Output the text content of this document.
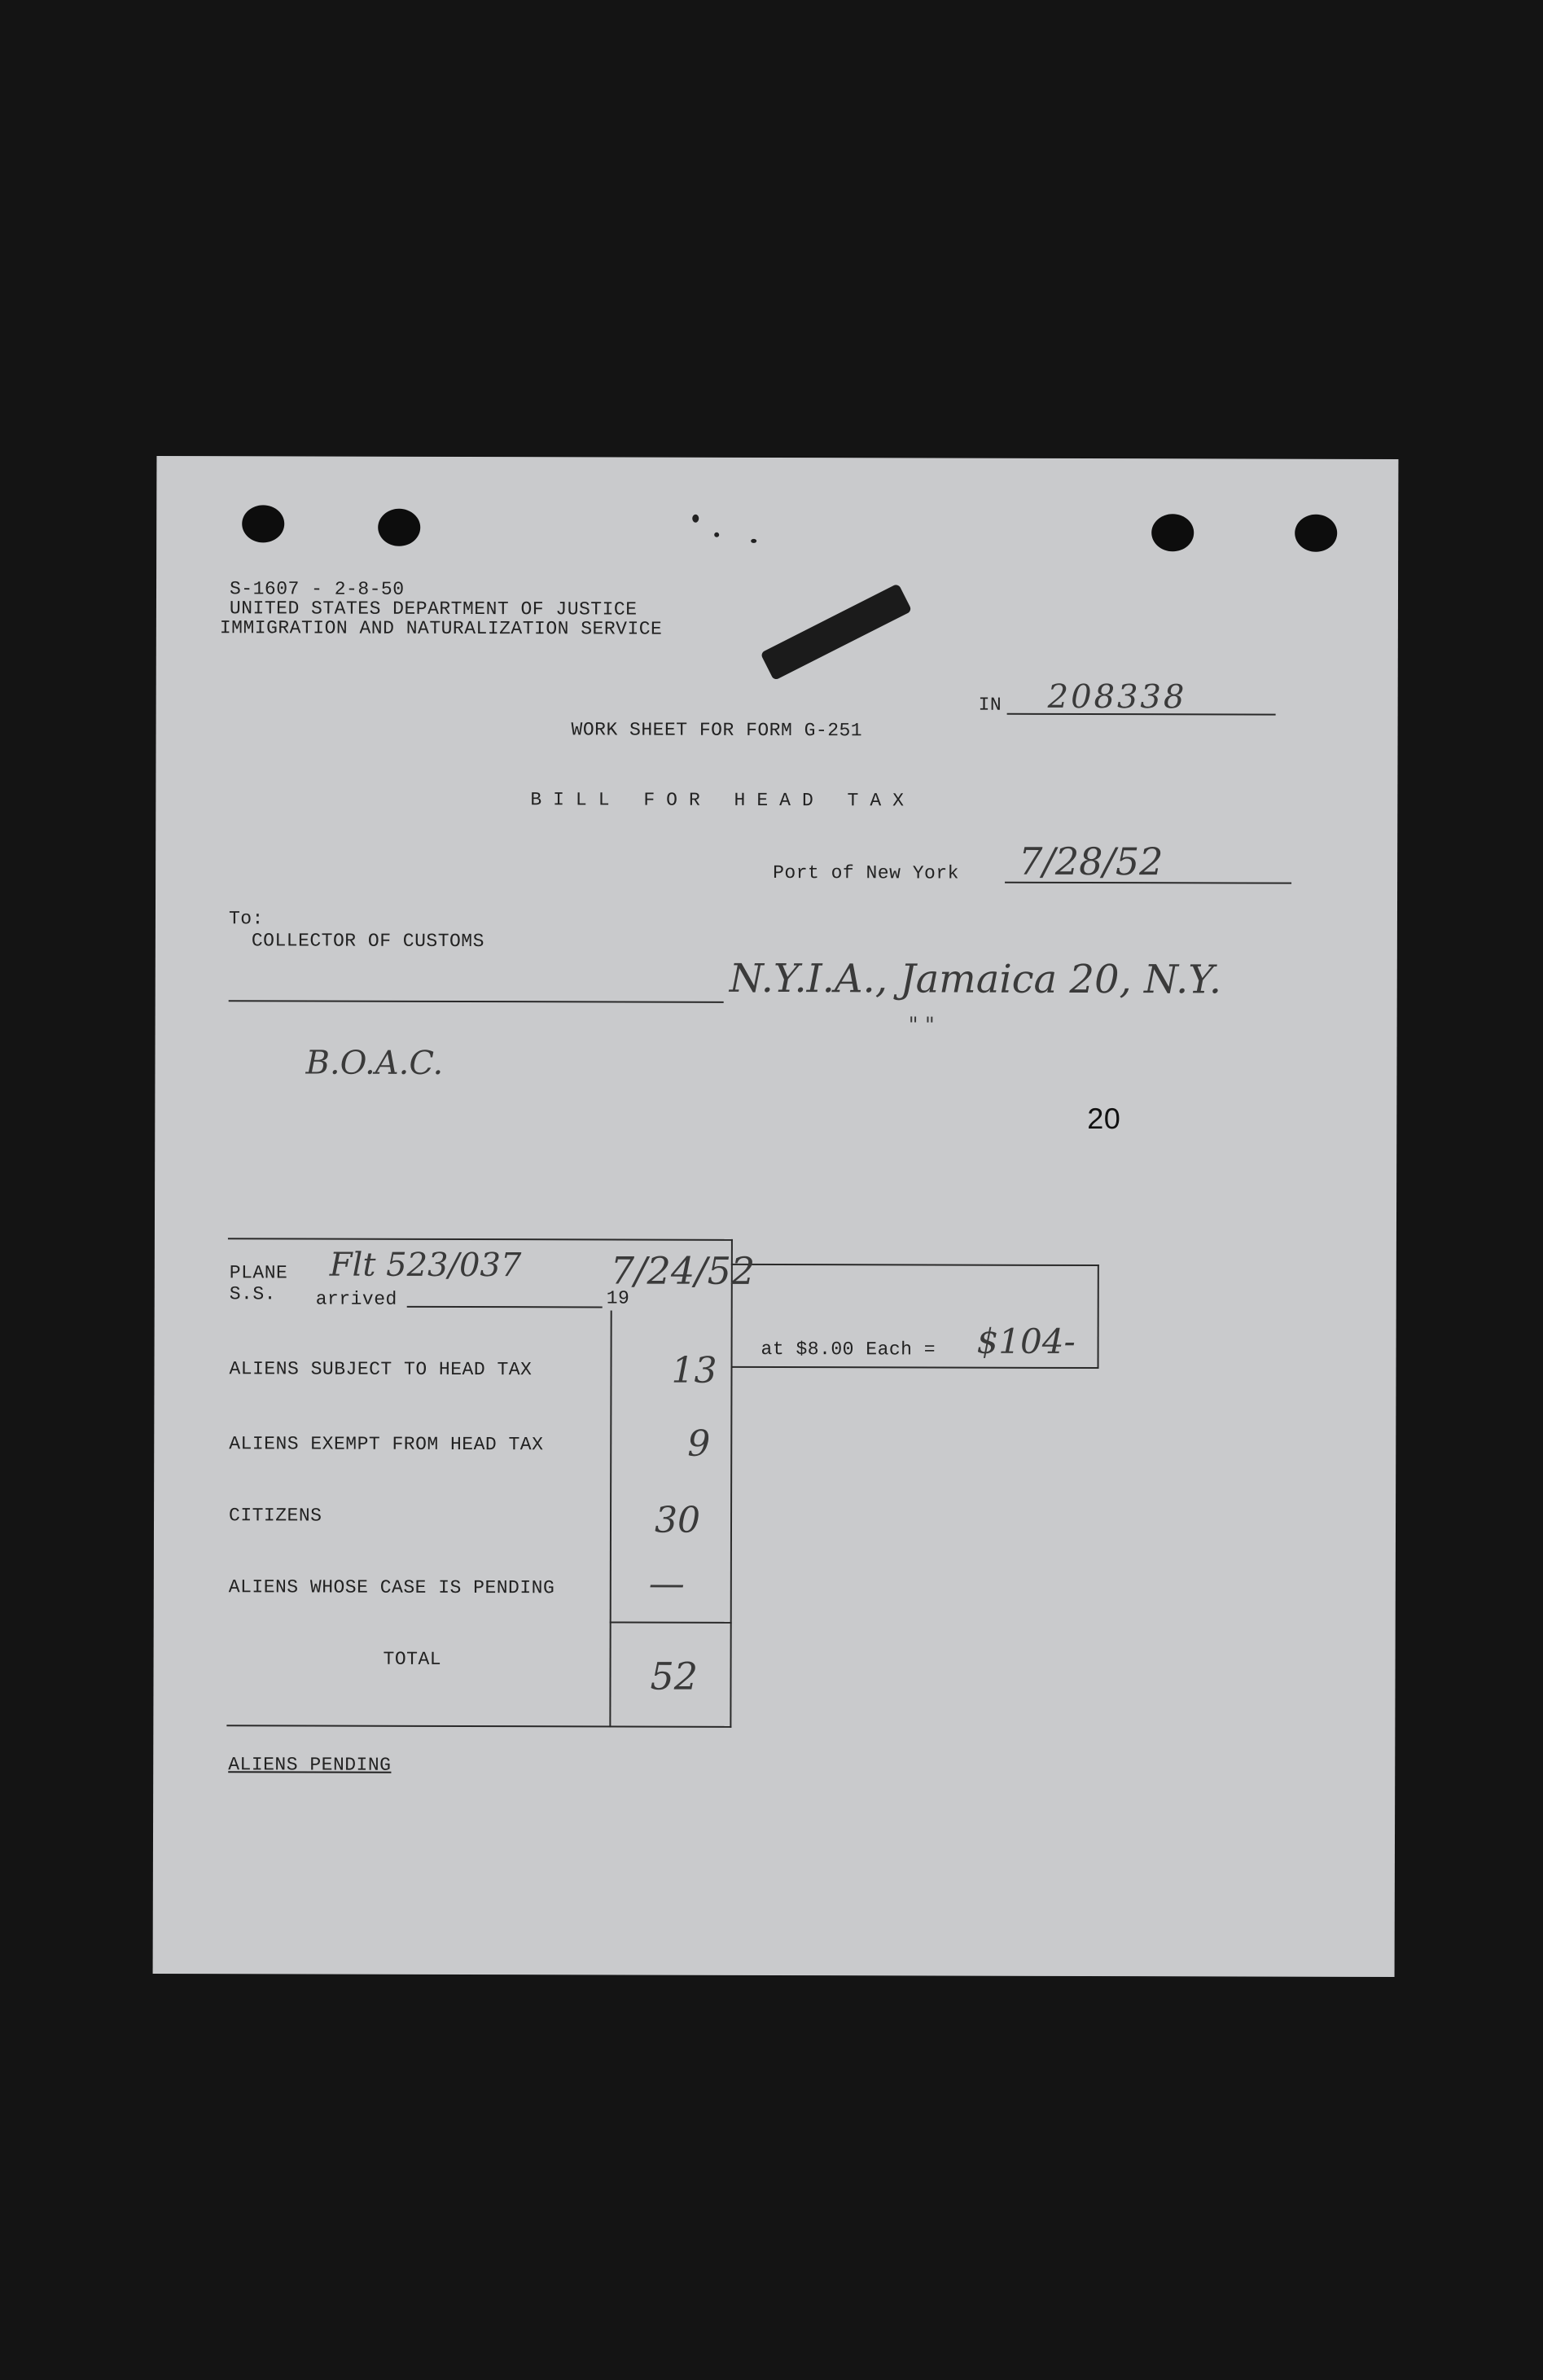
S-1607 - 2-8-50
UNITED STATES DEPARTMENT OF JUSTICE
IMMIGRATION AND NATURALIZATION SERVICE
IN 208338
WORK SHEET FOR FORM G-251
BILL FOR HEAD TAX
Port of New York 7/28/52
To:
COLLECTOR OF CUSTOMS
N.Y.I.A., Jamaica 20, N.Y.
" "
B.O.A.C.
20
at $8.00 Each = $104-
PLANE
S.S. arrived	19
Flt 523/037 7/24/52
ALIENS SUBJECT TO HEAD TAX	13
ALIENS EXEMPT FROM HEAD TAX	9
CITIZENS	30
ALIENS WHOSE CASE IS PENDING	—
TOTAL	52
ALIENS PENDING
